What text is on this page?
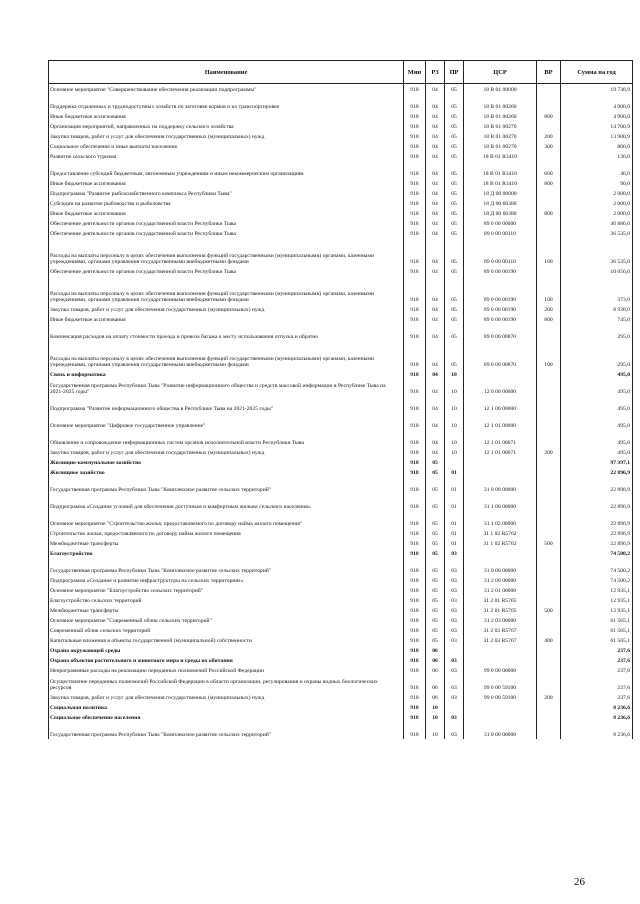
Наименование	Мин	РЗ	ПР	ЦСР	ВР	Сумма на год
Основное мероприятие "Совершенствование обеспечения реализации подпрограммы"	918	04	05	18 В 01 00000		19 736,9
Поддержка отдаленных и труднодоступных хозяйств по заготовке кормов и их транспортировке	918	04	05	18 В 01 00260		4 900,0
Иные бюджетные ассигнования	918	04	05	18 В 01 00260	800	4 900,0
Организация мероприятий, направленных на поддержку сельского хозяйства	918	04	05	18 В 01 00270		14 700,9
Закупка товаров, работ и услуг для обеспечения государственных (муниципальных) нужд	918	04	05	18 В 01 00270	200	13 900,9
Социальное обеспечение и иные выплаты населению	918	04	05	18 В 01 00270	300	800,0
Развитие сельского туризма	918	04	05	18 В 01 R3410		136,0
Предоставление субсидий бюджетным, автономным учреждениям и иным некоммерческим организациям	918	04	05	18 В 01 R3410	600	46,0
Иные бюджетные ассигнования	918	04	05	18 В 01 R3410	800	90,0
Подпрограмма "Развитие рыбохозяйственного комплекса Республики Тыва"	918	04	05	18 Д 00 00000		2 000,0
Субсидии на развитие рыбоводства и рыболовства	918	04	05	18 Д 00 60380		2 000,0
Иные бюджетные ассигнования	918	04	05	18 Д 00 60380	800	2 000,0
Обеспечение деятельности органов государственной власти Республики Тыва	918	04	05	89 0 00 00000		46 886,0
Обеспечение деятельности органов государственной власти Республики Тыва	918	04	05	89 0 00 00110		36 535,0
Расходы на выплаты персоналу в целях обеспечения выполнения функций государственными (муниципальными) органами, казенными учреждениями, органами управления государственными внебюджетными фондами	918	04	05	89 0 00 00110	100	36 535,0
Обеспечение деятельности органов государственной власти Республики Тыва	918	04	05	89 0 00 00190		10 056,0
Расходы на выплаты персоналу в целях обеспечения выполнения функций государственными (муниципальными) органами, казенными учреждениями, органами управления государственными внебюджетными фондами	918	04	05	89 0 00 00190	100	373,0
Закупка товаров, работ и услуг для обеспечения государственных (муниципальных) нужд	918	04	05	89 0 00 00190	200	8 938,0
Иные бюджетные ассигнования	918	04	05	89 0 00 00190	800	745,0
Компенсация расходов на оплату стоимости проезда и провоза багажа к месту использования отпуска и обратно	918	04	05	89 0 00 00870		295,0
Расходы на выплаты персоналу в целях обеспечения выполнения функций государственными (муниципальными) органами, казенными учреждениями, органами управления государственными внебюджетными фондами	918	04	05	89 0 00 00870	100	295,0
Связь и информатика	918	04	10			495,0
Государственная программа Республики Тыва "Развитие информационного общества и средств массовой информации в Республике Тыва на 2021-2025 годы"	918	04	10	12 0 00 00000		495,0
Подпрограмма "Развитие информационного общества в Республике Тыва на 2021-2025 годы"	918	04	10	12 1 00 00000		495,0
Основное мероприятие "Цифровое государственное управление"	918	04	10	12 1 01 00000		495,0
Обновление и сопровождение информационных систем органов исполнительной власти Республики Тыва	918	04	10	12 1 01 00071		495,0
Закупка товаров, работ и услуг для обеспечения государственных (муниципальных) нужд	918	04	10	12 1 01 00071	200	495,0
Жилищно-коммунальное хозяйство	918	05				97 397,1
Жилищное хозяйство	918	05	01			22 896,9
Государственная программа Республики Тыва "Комплексное развитие сельских территорий"	918	05	01	31 0 00 00000		22 896,9
Подпрограмма «Создание условий для обеспечения доступным и комфортным жильем сельского населения»	918	05	01	31 1 00 00000		22 896,9
Основное мероприятие "Строительство жилья, предоставляемого по договору найма жилого помещения"	918	05	01	31 1 02 00000		22 896,9
Строительство жилья, предоставляемого по договору найма жилого помещения	918	05	01	31 1 02 R5762		22 896,9
Межбюджетные трансферты	918	05	01	31 1 02 R5762	500	22 896,9
Благоустройство	918	05	03			74 500,2
Государственная программа Республики Тыва "Комплексное развитие сельских территорий"	918	05	03	31 0 00 00000		74 500,2
Подпрограмма «Создание и развитие инфраструктуры на сельских территориях»	918	05	03	31 2 00 00000		74 500,2
Основное мероприятие "Благоустройство сельских территорий"	918	05	03	31 2 01 00000		12 935,1
Благоустройство сельских территорий	918	05	03	31 2 01 R5765		12 935,1
Межбюджетные трансферты	918	05	03	31 2 01 R5765	500	12 935,1
Основное мероприятие "Современный облик сельских территорий"	918	05	03	31 2 03 00000		61 565,1
Современный облик сельских территорий	918	05	03	31 2 03 R5767		61 565,1
Капитальные вложения в объекты государственной (муниципальной) собственности	918	05	03	31 2 03 R5767	400	61 565,1
Охрана окружающей среды	918	06				237,6
Охрана объектов растительного и животного мира и среды их обитания	918	06	03			237,6
Непрограммные расходы на реализацию переданных полномочий Российской Федерации	918	06	03	99 0 00 00000		237,6
Осуществление переданных полномочий Российской Федерации в области организации, регулирования и охраны водных биологических ресурсов	918	06	03	99 0 00 59100		237,6
Закупка товаров, работ и услуг для обеспечения государственных (муниципальных) нужд	918	06	03	99 0 00 59100	200	237,6
Социальная политика	918	10				8 236,6
Социальное обеспечение населения	918	10	03			8 236,6
Государственная программа Республики Тыва "Комплексное развитие сельских территорий"	918	10	03	31 0 00 00000		8 236,6
26
